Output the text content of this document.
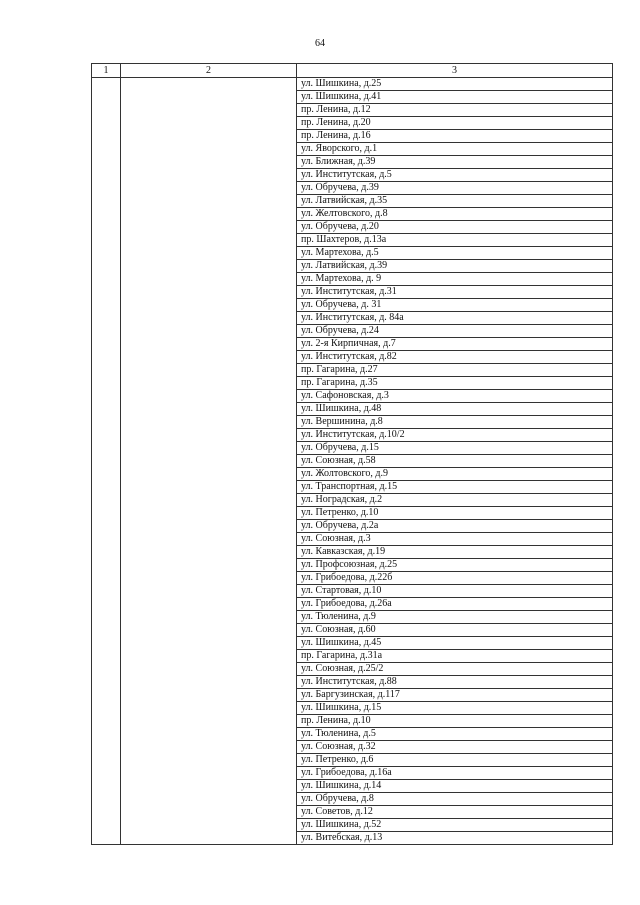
64
1	2	3
		ул. Шишкина, д.25
		ул. Шишкина, д.41
		пр. Ленина, д.12
		пр. Ленина, д.20
		пр. Ленина, д.16
		ул. Яворского, д.1
		ул. Ближная, д.39
		ул. Институтская, д.5
		ул. Обручева, д.39
		ул. Латвийская, д.35
		ул. Желтовского, д.8
		ул. Обручева, д.20
		пр. Шахтеров, д.13а
		ул. Мартехова, д.5
		ул. Латвийская, д.39
		ул. Мартехова, д. 9
		ул. Институтская, д.31
		ул. Обручева, д. 31
		ул. Институтская, д. 84а
		ул. Обручева, д.24
		ул. 2-я Кирпичная, д.7
		ул. Институтская, д.82
		пр. Гагарина, д.27
		пр. Гагарина, д.35
		ул. Сафоновская, д.3
		ул. Шишкина, д.48
		ул. Вершинина, д.8
		ул. Институтская, д.10/2
		ул. Обручева, д.15
		ул. Союзная, д.58
		ул. Жолтовского, д.9
		ул. Транспортная, д.15
		ул. Ноградская, д.2
		ул. Петренко, д.10
		ул. Обручева, д.2а
		ул. Союзная, д.3
		ул. Кавказская, д.19
		ул. Профсоюзная, д.25
		ул. Грибоедова, д.22б
		ул. Стартовая, д.10
		ул. Грибоедова, д.26а
		ул. Тюленина, д.9
		ул. Союзная, д.60
		ул. Шишкина, д.45
		пр. Гагарина, д.31а
		ул. Союзная, д.25/2
		ул. Институтская, д.88
		ул. Баргузинская, д.117
		ул. Шишкина, д.15
		пр. Ленина, д.10
		ул. Тюленина, д.5
		ул. Союзная, д.32
		ул. Петренко, д.6
		ул. Грибоедова, д.16а
		ул. Шишкина, д.14
		ул. Обручева, д.8
		ул. Советов, д.12
		ул. Шишкина, д.52
		ул. Витебская, д.13
